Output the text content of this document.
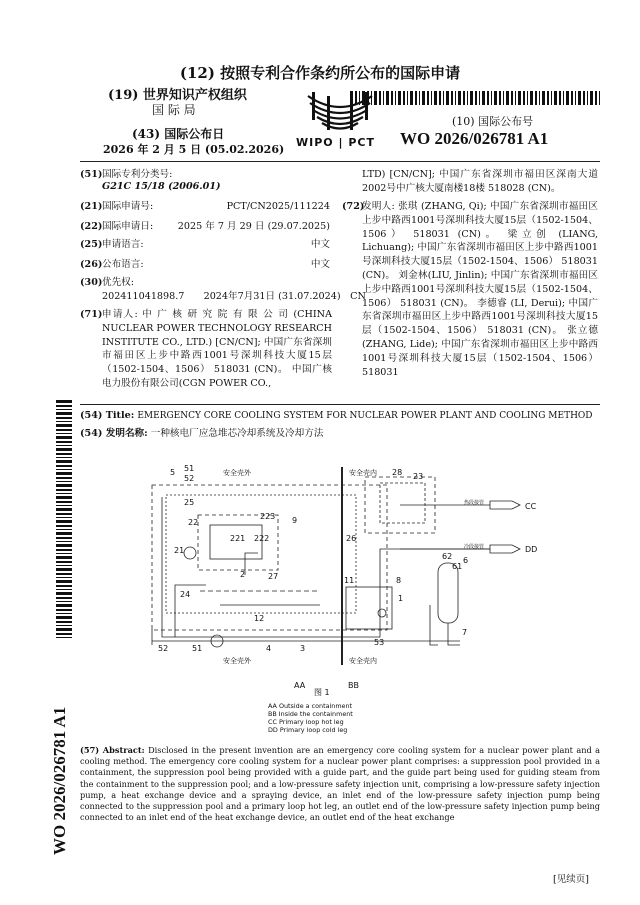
(12) 按照专利合作条约所公布的国际申请
(19) 世界知识产权组织
国 际 局
(43) 国际公布日
2026 年 2 月 5 日 (05.02.2026)
WIPO | PCT
(10) 国际公布号
WO 2026/026781 A1
WO 2026/026781 A1
(51) 国际专利分类号:
G21C 15/18 (2006.01)
(21) 国际申请号:	PCT/CN2025/111224
(22) 国际申请日:	2025 年 7 月 29 日 (29.07.2025)
(25) 申请语言:	中文
(26) 公布语言:	中文
(30) 优先权:
202411041898.7　　2024年7月31日 (31.07.2024)　CN
(71) 申请人: 中 广 核 研 究 院 有 限 公 司 (CHINA NUCLEAR POWER TECHNOLOGY RESEARCH INSTITUTE CO., LTD.) [CN/CN]; 中国广东省深圳市福田区上步中路西1001号深圳科技大厦15层（1502-1504、1506） 518031 (CN)。 中国广核电力股份有限公司(CGN POWER CO.,
LTD) [CN/CN]; 中国广东省深圳市福田区深南大道2002号中广核大厦南楼18楼 518028 (CN)。
(72)
发明人: 张琪 (ZHANG, Qi); 中国广东省深圳市福田区上步中路西1001号深圳科技大厦15层（1502-1504、1506） 518031 (CN)。 梁立创 (LIANG, Lichuang); 中国广东省深圳市福田区上步中路西1001号深圳科技大厦15层（1502-1504、1506） 518031 (CN)。 刘金林(LIU, Jinlin); 中国广东省深圳市福田区上步中路西1001号深圳科技大厦15层（1502-1504、1506） 518031 (CN)。 李德睿 (LI, Derui); 中国广东省深圳市福田区上步中路西1001号深圳科技大厦15层（1502-1504、1506） 518031 (CN)。 张立德(ZHANG, Lide); 中国广东省深圳市福田区上步中路西1001号深圳科技大厦15层（1502-1504、1506） 518031
(54) Title: EMERGENCY CORE COOLING SYSTEM FOR NUCLEAR POWER PLANT AND COOLING METHOD
(54) 发明名称: 一种核电厂应急堆芯冷却系统及冷却方法
安全壳外	安全壳内
安全壳外	安全壳内
热段接管
冷段接管
AA	BB
CC
DD
5 51
52
25
22
223 9
21
221 222
2	27
24
12
28 23
26
11	8
1
62
61
6
7
53
52	51	4	3
图 1
AA Outside a containment
BB Inside the containment
CC Primary loop hot leg
DD Primary loop cold leg
(57) Abstract: Disclosed in the present invention are an emergency core cooling system for a nuclear power plant and a cooling method. The emergency core cooling system for a nuclear power plant comprises: a suppression pool provided in a containment, the suppression pool being provided with a guide part, and the guide part being used for guiding steam from the containment to the suppression pool; and a low-pressure safety injection unit, comprising a low-pressure safety injection pump, a heat exchange device and a spraying device, an inlet end of the low-pressure safety injection pump being connected to the suppression pool and a primary loop hot leg, an outlet end of the low-pressure safety injection pump being connected to an inlet end of the heat exchange device, an outlet end of the heat exchange
[见续页]
